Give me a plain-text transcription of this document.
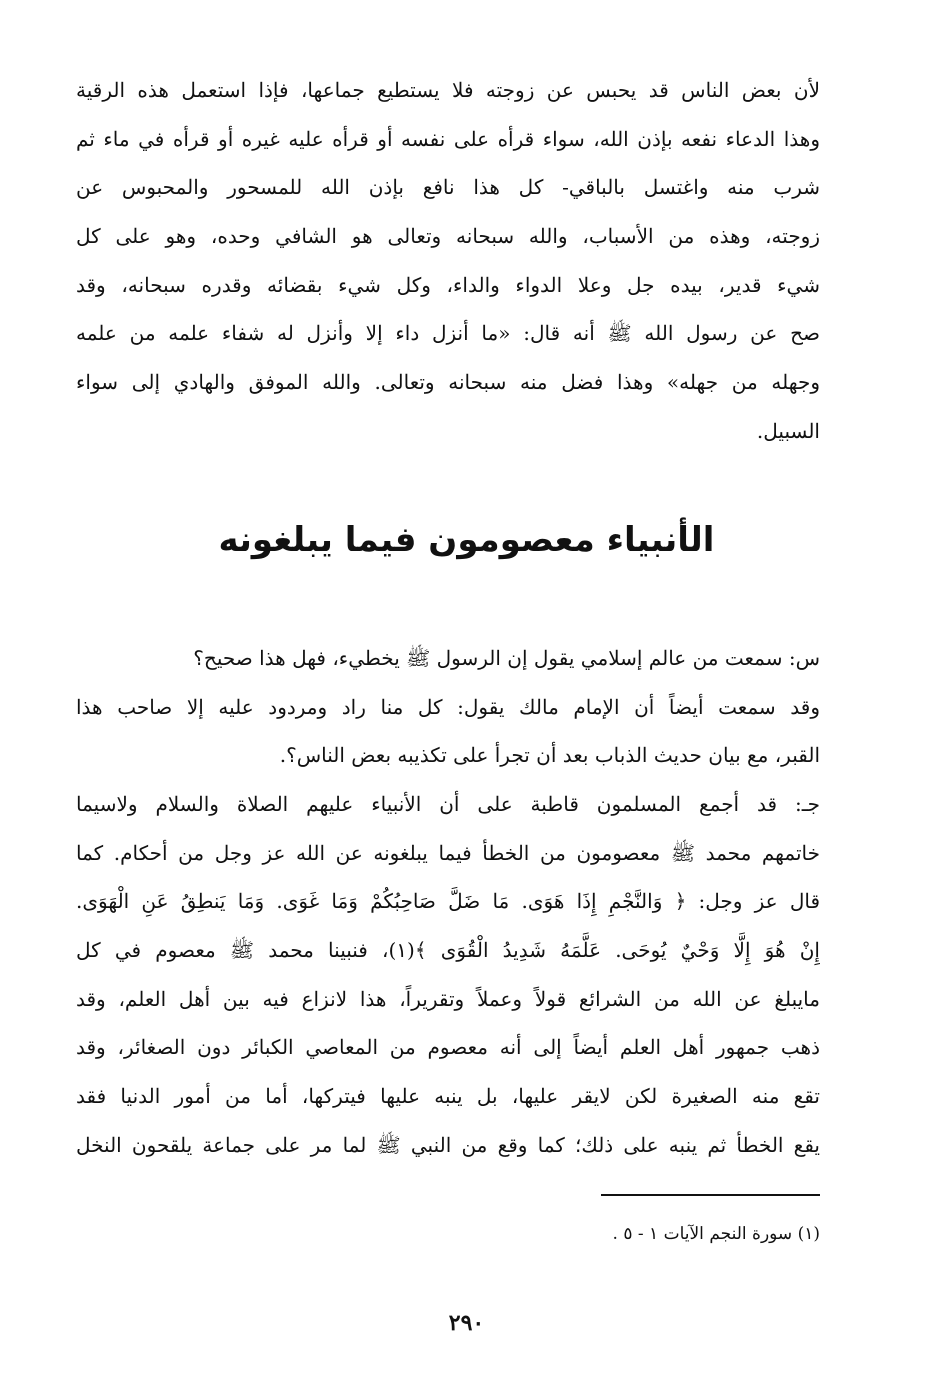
لأن بعض الناس قد يحبس عن زوجته فلا يستطيع جماعها، فإذا استعمل هذه الرقية
وهذا الدعاء نفعه بإذن الله، سواء قرأه على نفسه أو قرأه عليه غيره أو قرأه في ماء ثم
شرب منه واغتسل بالباقي- كل هذا نافع بإذن الله للمسحور والمحبوس عن
زوجته، وهذه من الأسباب، والله سبحانه وتعالى هو الشافي وحده، وهو على كل
شيء قدير، بيده جل وعلا الدواء والداء، وكل شيء بقضائه وقدره سبحانه، وقد
صح عن رسول الله ﷺ أنه قال: «ما أنزل داء إلا وأنزل له شفاء علمه من علمه
وجهله من جهله» وهذا فضل منه سبحانه وتعالى. والله الموفق والهادي إلى سواء
السبيل.
الأنبياء معصومون فيما يبلغونه
س: سمعت من عالم إسلامي يقول إن الرسول ﷺ يخطيء، فهل هذا صحيح؟
وقد سمعت أيضاً أن الإمام مالك يقول: كل منا راد ومردود عليه إلا صاحب هذا
القبر، مع بيان حديث الذباب بعد أن تجرأ على تكذيبه بعض الناس؟.
جـ: قد أجمع المسلمون قاطبة على أن الأنبياء عليهم الصلاة والسلام ولاسيما
خاتمهم محمد ﷺ معصومون من الخطأ فيما يبلغونه عن الله عز وجل من أحكام. كما
قال عز وجل: ﴿ وَالنَّجْمِ إِذَا هَوَى. مَا ضَلَّ صَاحِبُكُمْ وَمَا غَوَى. وَمَا يَنطِقُ عَنِ الْهَوَى.
إِنْ هُوَ إِلَّا وَحْيٌ يُوحَى. عَلَّمَهُ شَدِيدُ الْقُوَى ﴾(١)، فنبينا محمد ﷺ معصوم في كل
مايبلغ عن الله من الشرائع قولاً وعملاً وتقريراً، هذا لانزاع فيه بين أهل العلم، وقد
ذهب جمهور أهل العلم أيضاً إلى أنه معصوم من المعاصي الكبائر دون الصغائر، وقد
تقع منه الصغيرة لكن لايقر عليها، بل ينبه عليها فيتركها، أما من أمور الدنيا فقد
يقع الخطأ ثم ينبه على ذلك؛ كما وقع من النبي ﷺ لما مر على جماعة يلقحون النخل

(١) سورة النجم الآيات ١ - ٥ .

٢٩٠
